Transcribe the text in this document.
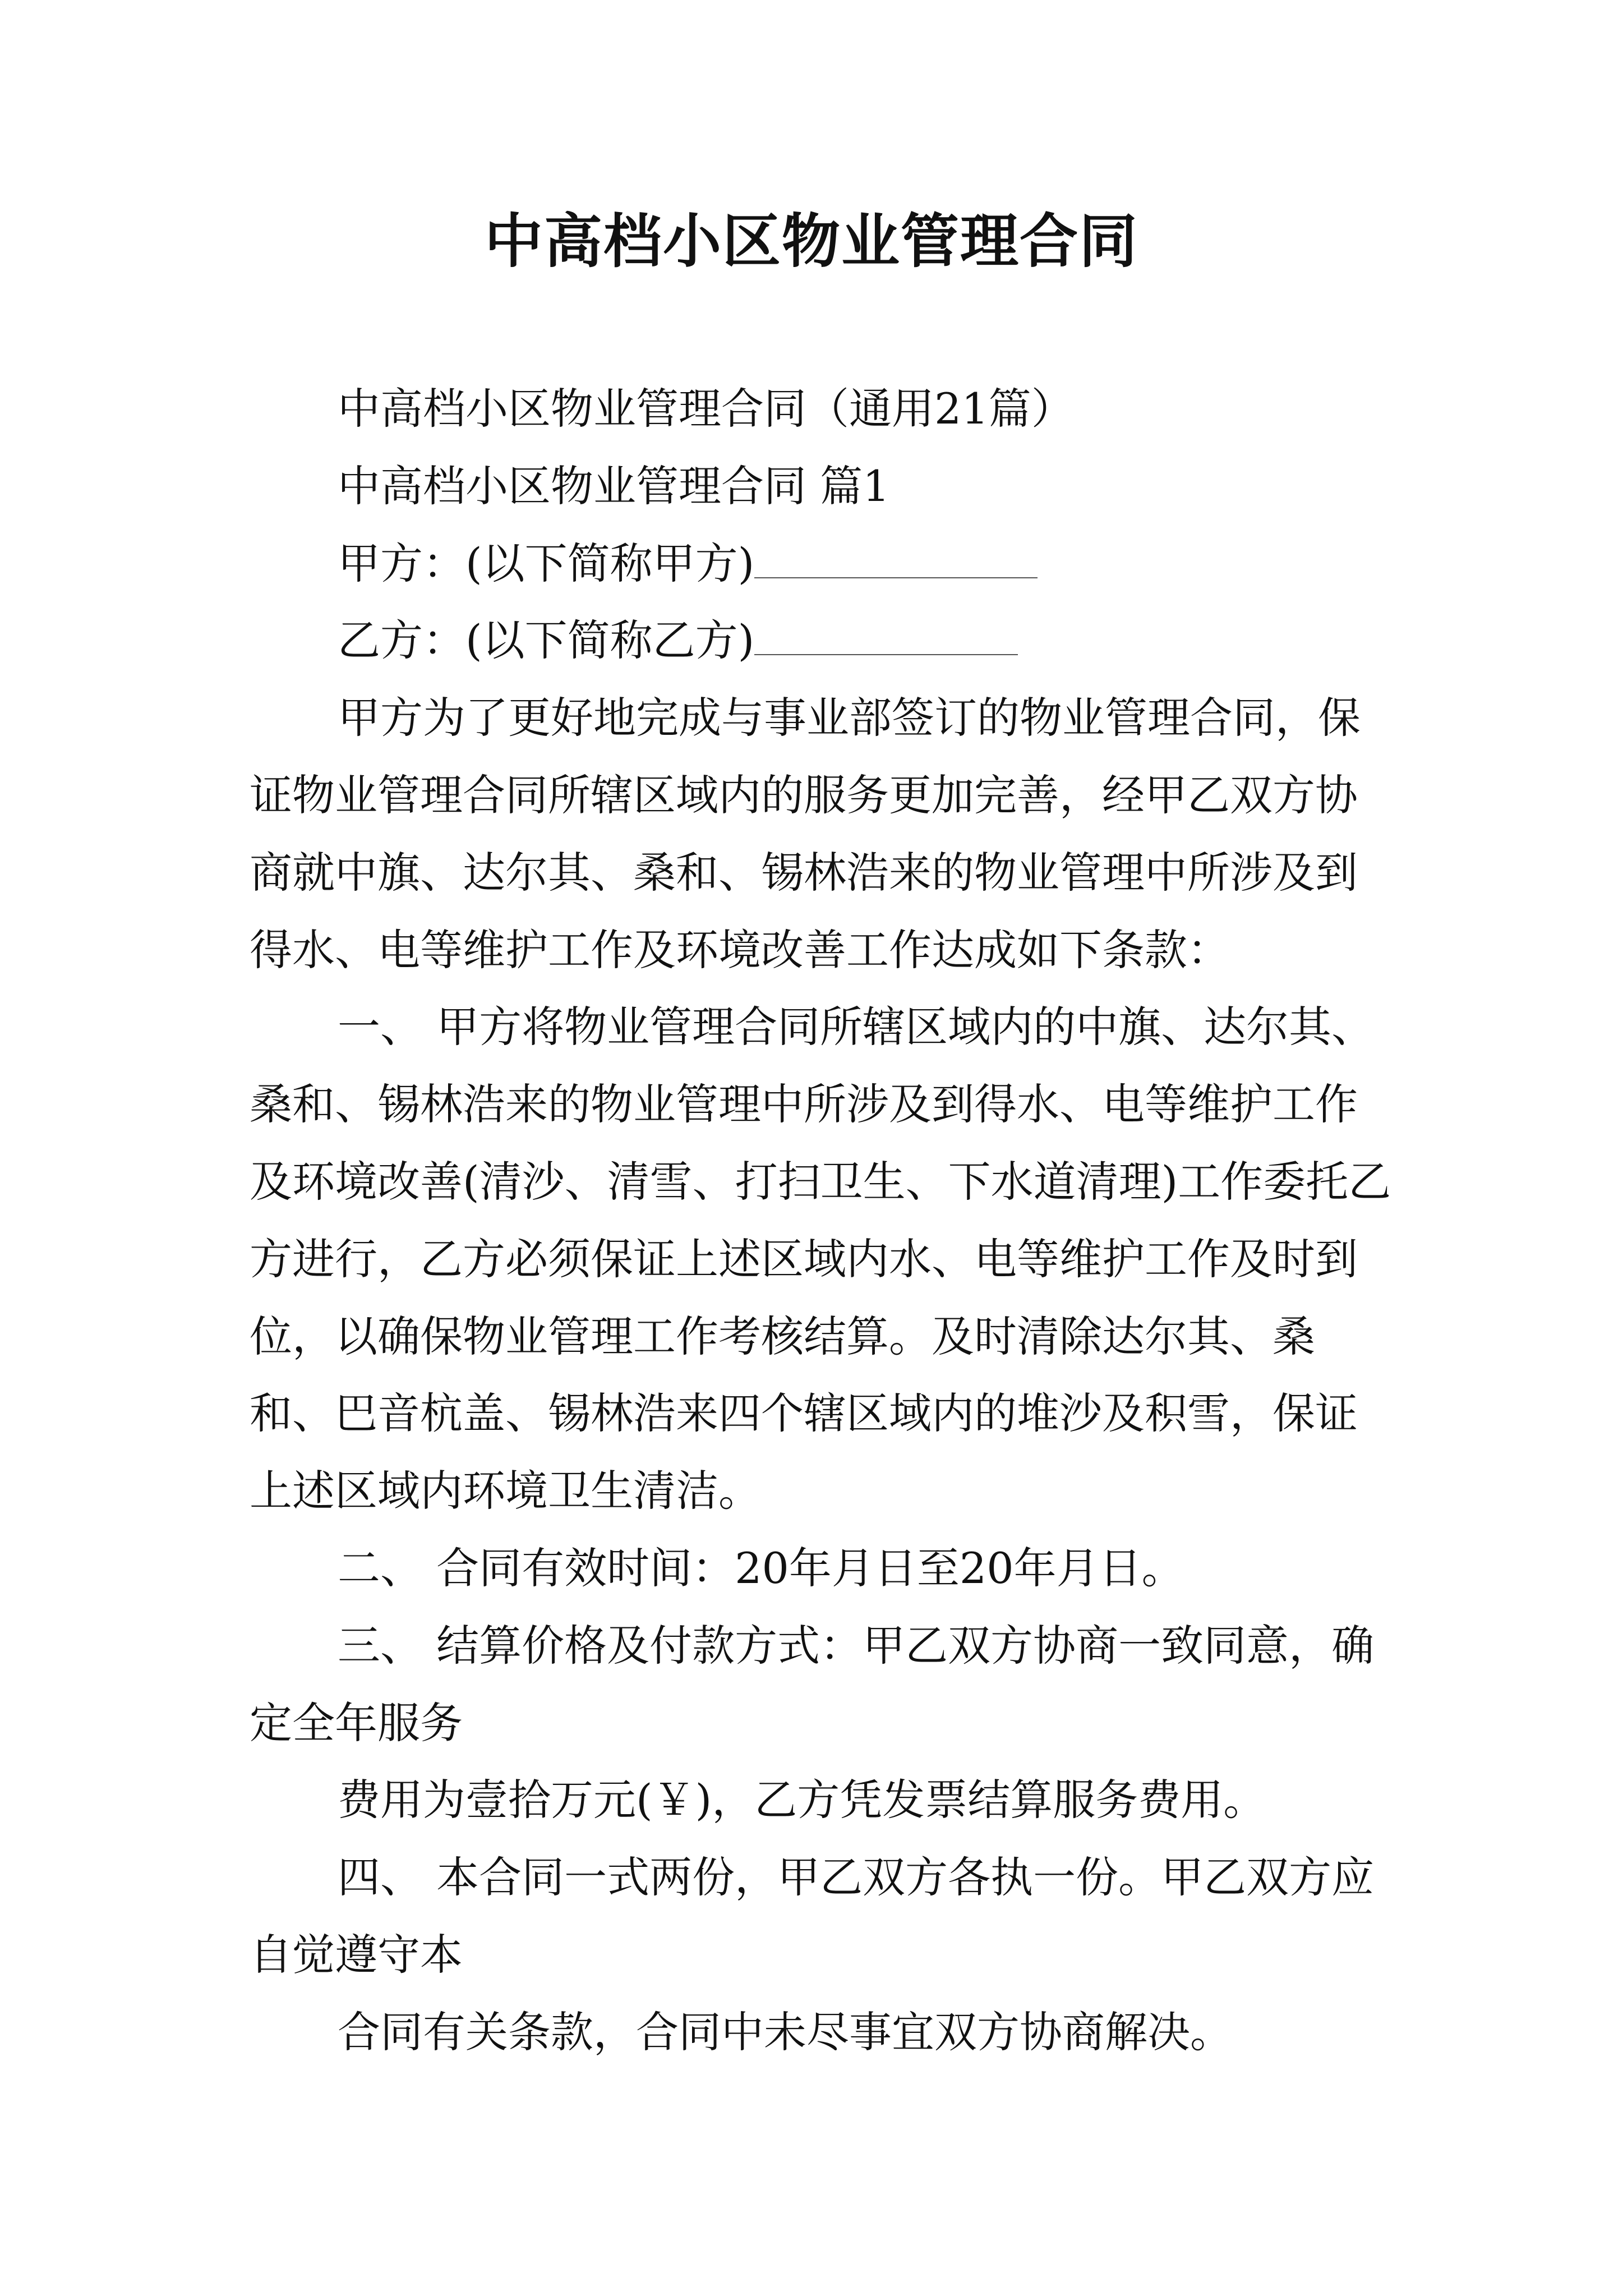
中高档小区物业管理合同

中高档小区物业管理合同（通用21篇）

中高档小区物业管理合同 篇1

甲方：(以下简称甲方)

乙方：(以下简称乙方)

甲方为了更好地完成与事业部签订的物业管理合同，保证物业管理合同所辖区域内的服务更加完善，经甲乙双方协商就中旗、达尔其、桑和、锡林浩来的物业管理中所涉及到得水、电等维护工作及环境改善工作达成如下条款：

一、 甲方将物业管理合同所辖区域内的中旗、达尔其、桑和、锡林浩来的物业管理中所涉及到得水、电等维护工作及环境改善(清沙、清雪、打扫卫生、下水道清理)工作委托乙方进行，乙方必须保证上述区域内水、电等维护工作及时到位，以确保物业管理工作考核结算。及时清除达尔其、桑和、巴音杭盖、锡林浩来四个辖区域内的堆沙及积雪，保证上述区域内环境卫生清洁。

二、 合同有效时间：20年月日至20年月日。

三、 结算价格及付款方式：甲乙双方协商一致同意，确定全年服务

费用为壹拾万元(￥)，乙方凭发票结算服务费用。

四、 本合同一式两份，甲乙双方各执一份。甲乙双方应自觉遵守本

合同有关条款，合同中未尽事宜双方协商解决。
